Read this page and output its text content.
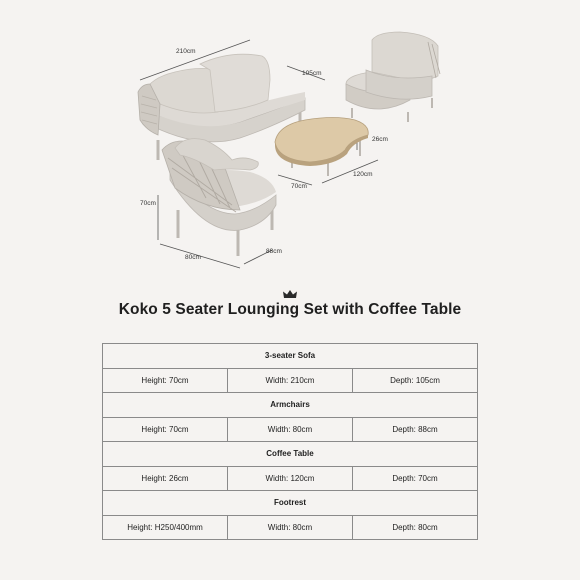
210cm
105cm
26cm
70cm
120cm
70cm
80cm
88cm
Koko 5 Seater Lounging Set with Coffee Table
3-seater Sofa		
Height: 70cm	Width: 210cm	Depth: 105cm
Armchairs		
Height: 70cm	Width: 80cm	Depth: 88cm
Coffee Table		
Height: 26cm	Width: 120cm	Depth: 70cm
Footrest		
Height: H250/400mm	Width: 80cm	Depth: 80cm
